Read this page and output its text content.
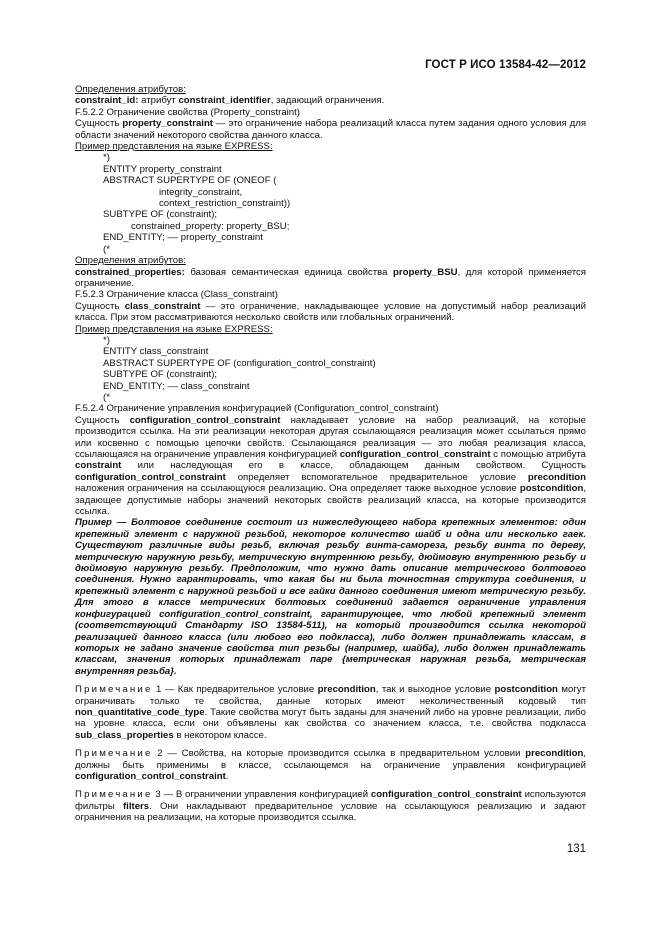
ГОСТ Р ИСО 13584-42—2012

Определения атрибутов:

constraint_id: атрибут constraint_identifier, задающий ограничения.

F.5.2.2 Ограничение свойства (Property_constraint)

Сущность property_constraint — это ограничение набора реализаций класса путем задания одного условия для области значений некоторого свойства данного класса.

Пример представления на языке EXPRESS:

*)
ENTITY property_constraint
ABSTRACT SUPERTYPE OF (ONEOF (
integrity_constraint,
context_restriction_constraint))
SUBTYPE OF (constraint);
constrained_property: property_BSU;
END_ENTITY; –– property_constraint
(*

Определения атрибутов:

constrained_properties: базовая семантическая единица свойства property_BSU, для которой применяется ограничение.

F.5.2.3 Ограничение класса (Class_constraint)

Сущность class_constraint — это ограничение, накладывающее условие на допустимый набор реализаций класса. При этом рассматриваются несколько свойств или глобальных ограничений.

Пример представления на языке EXPRESS:

*)
ENTITY class_constraint
ABSTRACT SUPERTYPE OF (configuration_control_constraint)
SUBTYPE OF (constraint);
END_ENTITY; –– class_constraint
(*

F.5.2.4 Ограничение управления конфигурацией (Configuration_control_constraint)

Сущность configuration_control_constraint накладывает условие на набор реализаций, на которые производится ссылка. На эти реализации некоторая другая ссылающаяся реализация может ссылаться прямо или косвенно с помощью цепочки свойств. Ссылающаяся реализация — это любая реализация класса, ссылающаяся на ограничение управления конфигурацией configuration_control_constraint с помощью атрибута constraint или наследующая его в классе, обладающем данным свойством. Сущность configuration_control_constraint определяет вспомогательное предварительное условие precondition наложения ограничения на ссылающуюся реализацию. Она определяет также выходное условие postcondition, задающее допустимые наборы значений некоторых свойств реализаций класса, на которые производится ссылка.

Пример — Болтовое соединение состоит из нижеследующего набора крепежных элементов: один крепежный элемент с наружной резьбой, некоторое количество шайб и одна или несколько гаек. Существуют различные виды резьб, включая резьбу винта-самореза, резьбу винта по дереву, метрическую наружную резьбу, метрическую внутреннюю резьбу, дюймовую внутреннюю резьбу и дюймовую наружную резьбу. Предположим, что нужно дать описание метрического болтового соединения. Нужно гарантировать, что какая бы ни была точностная структура соединения, и крепежный элемент с наружной резьбой и все гайки данного соединения имеют метрическую резьбу. Для этого в классе метрических болтовых соединений задается ограничение управления конфигурацией configuration_control_constraint, гарантирующее, что любой крепежный элемент (соответствующий Стандарту ISO 13584-511), на который производится ссылка некоторой реализацией данного класса (или любого его подкласса), либо должен принадлежать классам, в которых не задано значение свойства тип резьбы (например, шайба), либо должен принадлежать классам, значения которых принадлежат паре {метрическая наружная резьба, метрическая внутренняя резьба}.

Примечание 1 — Как предварительное условие precondition, так и выходное условие postcondition могут ограничивать только те свойства, данные которых имеют неколичественный кодовый тип non_quantitative_code_type. Такие свойства могут быть заданы для значений либо на уровне реализации, либо на уровне класса, если они объявлены как свойства со значением класса, т.е. свойства подкласса sub_class_properties в некотором классе.

Примечание 2 — Свойства, на которые производится ссылка в предварительном условии precondition, должны быть применимы в классе, ссылающемся на ограничение управления конфигурацией configuration_control_constraint.

Примечание 3 — В ограничении управления конфигурацией configuration_control_constraint используются фильтры filters. Они накладывают предварительное условие на ссылающуюся реализацию и задают ограничения на реализации, на которые производится ссылка.

131
